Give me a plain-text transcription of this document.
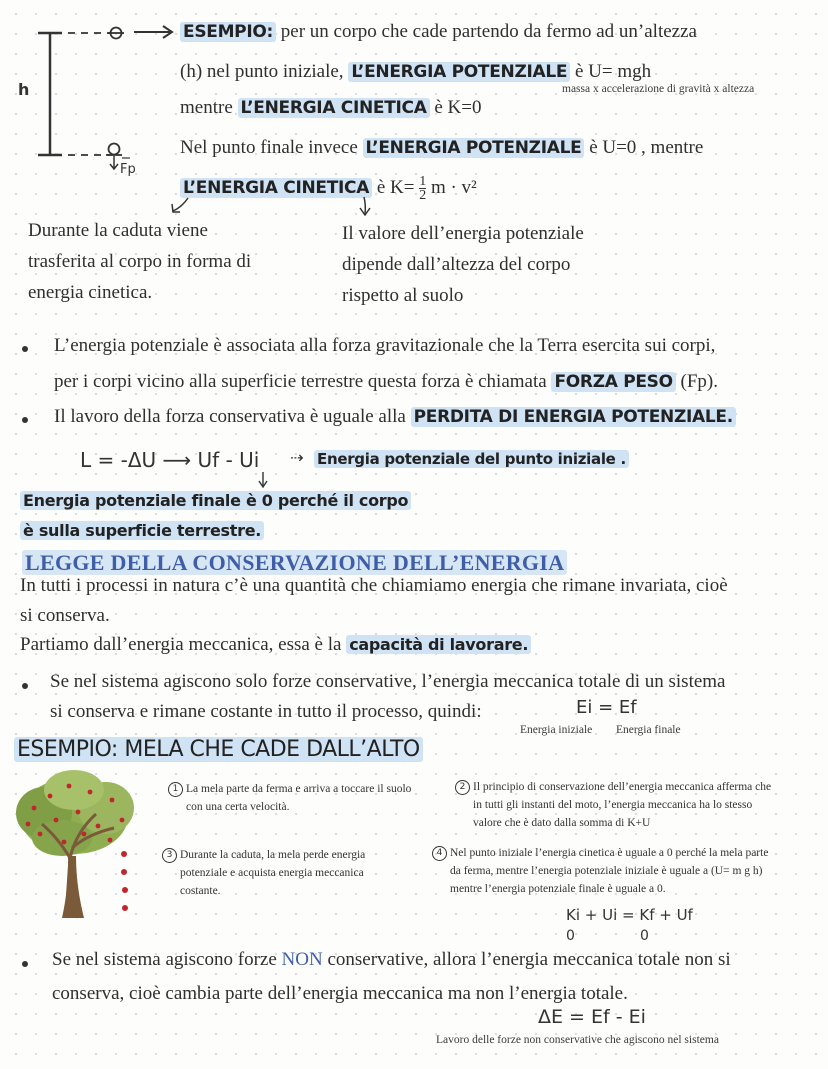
h
Fp
ESEMPIO: per un corpo che cade partendo da fermo ad un’altezza
(h) nel punto iniziale, L’ENERGIA POTENZIALE è U= mgh
massa x accelerazione di gravità x altezza
mentre L’ENERGIA CINETICA è K=0
Nel punto finale invece L’ENERGIA POTENZIALE è U=0 , mentre
L’ENERGIA CINETICA è $K= \frac{1}{2}$ m · v²
Durante la caduta viene
trasferita al corpo in forma di
energia cinetica.
Il valore dell’energia potenziale
dipende dall’altezza del corpo
rispetto al suolo
L’energia potenziale è associata alla forza gravitazionale che la Terra esercita sui corpi,
per i corpi vicino alla superficie terrestre questa forza è chiamata FORZA PESO (Fp).
Il lavoro della forza conservativa è uguale alla PERDITA DI ENERGIA POTENZIALE.
L = -ΔU ⟶ Uf - Ui ⇢ Energia potenziale del punto iniziale .
Energia potenziale finale è 0 perché il corpo
è sulla superficie terrestre.
LEGGE DELLA CONSERVAZIONE DELL’ENERGIA
In tutti i processi in natura c’è una quantità che chiamiamo energia che rimane invariata, cioè
si conserva.
Partiamo dall’energia meccanica, essa è la capacità di lavorare.
Se nel sistema agiscono solo forze conservative, l’energia meccanica totale di un sistema
si conserva e rimane costante in tutto il processo, quindi:	Ei = Ef
Energia iniziale Energia finale
ESEMPIO: MELA CHE CADE DALL’ALTO
1 La mela parte da ferma e arriva a toccare il suolo
con una certa velocità.
2 Il principio di conservazione dell’energia meccanica afferma che
in tutti gli instanti del moto, l’energia meccanica ha lo stesso
valore che è dato dalla somma di K+U
3 Durante la caduta, la mela perde energia
potenziale e acquista energia meccanica
costante.
4 Nel punto iniziale l’energia cinetica è uguale a 0 perché la mela parte
da ferma, mentre l’energia potenziale iniziale è uguale a (U= m g h)
mentre l’energia potenziale finale è uguale a 0.
Ki + Ui = Kf + Uf
0	0
Se nel sistema agiscono forze NON conservative, allora l’energia meccanica totale non si
conserva, cioè cambia parte dell’energia meccanica ma non l’energia totale.
ΔE = Ef - Ei
Lavoro delle forze non conservative che agiscono nel sistema
